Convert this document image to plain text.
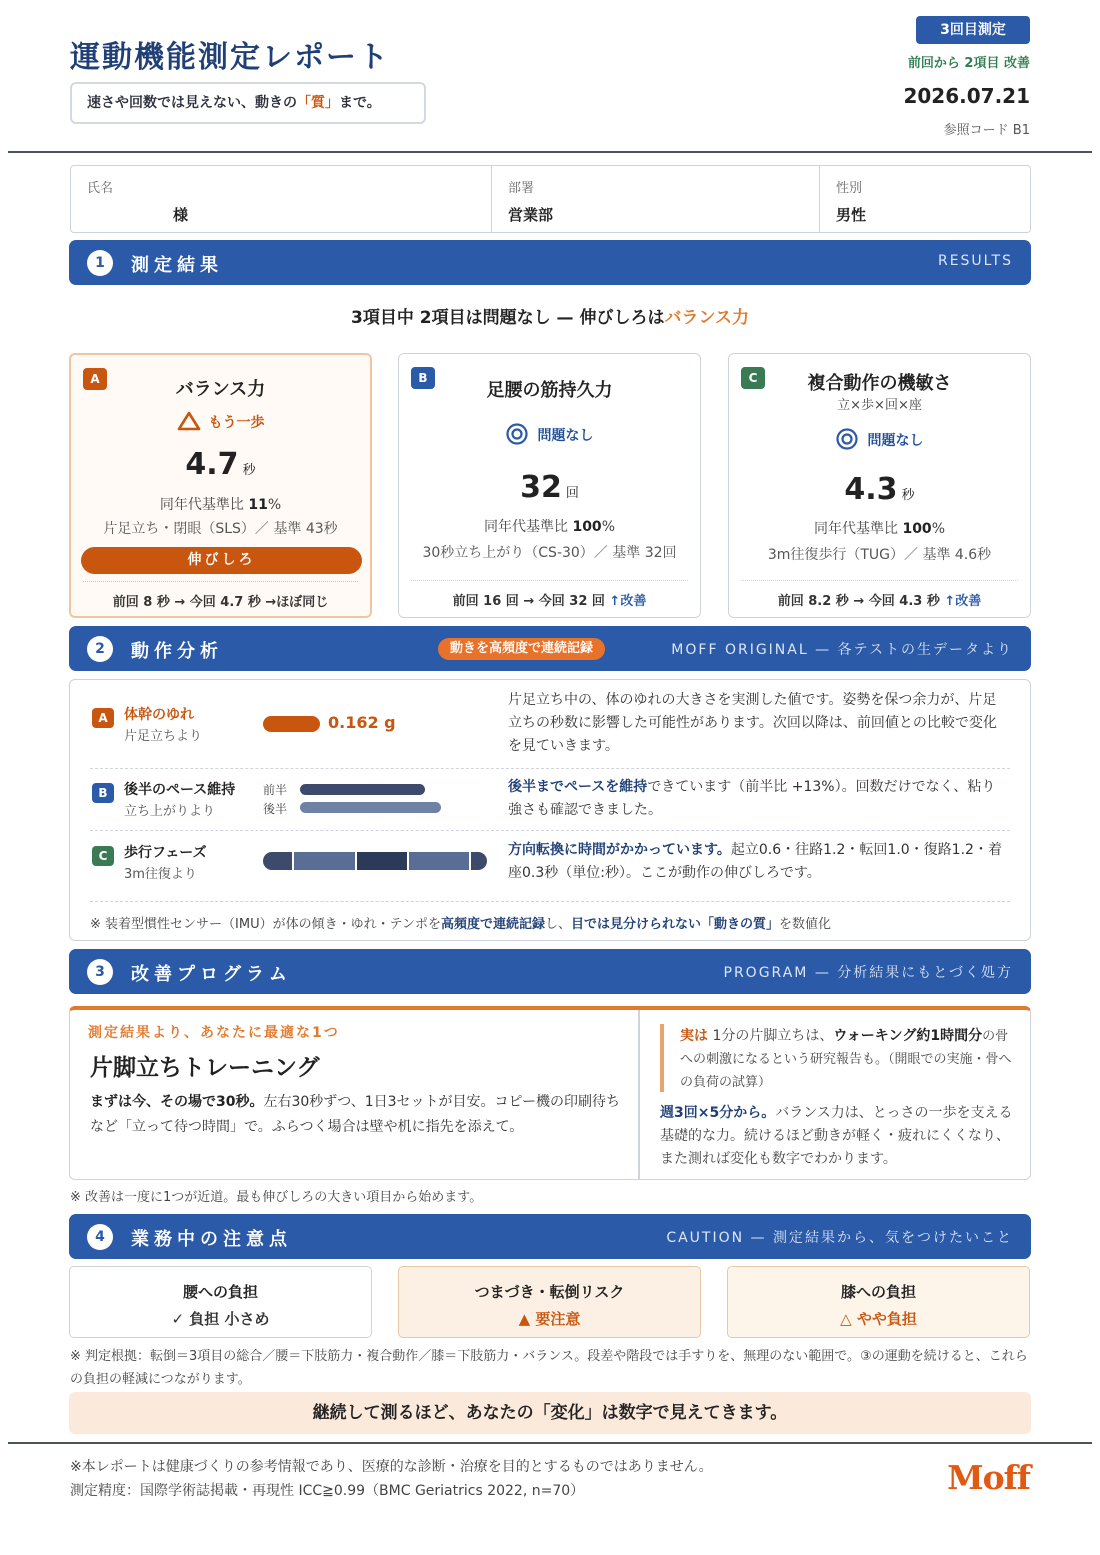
運動機能測定レポート
速さや回数では見えない、動きの「質」まで。
3回目測定
前回から 2項目 改善
2026.07.21
参照コード B1
氏名
様
部署
営業部
性別
男性
1	測定結果	RESULTS
3項目中 2項目は問題なし — 伸びしろはバランス力
A	バランス力
もう一歩
4.7 秒
同年代基準比 11%
片足立ち・閉眼（SLS）／ 基準 43秒
伸びしろ
前回 8 秒 → 今回 4.7 秒 →ほぼ同じ
B
足腰の筋持久力
問題なし
32 回
同年代基準比 100%
30秒立ち上がり（CS-30）／ 基準 32回
前回 16 回 → 今回 32 回 ↑改善
C	複合動作の機敏さ
立×歩×回×座
問題なし
4.3 秒
同年代基準比 100%
3m往復歩行（TUG）／ 基準 4.6秒
前回 8.2 秒 → 今回 4.3 秒 ↑改善
2	動作分析	動きを高頻度で連続記録	MOFF ORIGINAL — 各テストの生データより
A	体幹のゆれ
片足立ちより
0.162 g
片足立ち中の、体のゆれの大きさを実測した値です。姿勢を保つ余力が、片足立ちの秒数に影響した可能性があります。次回以降は、前回値との比較で変化を見ていきます。
B	後半のペース維持
立ち上がりより
前半
後半
後半までペースを維持できています（前半比 +13%）。回数だけでなく、粘り強さも確認できました。
C	歩行フェーズ
3m往復より
方向転換に時間がかかっています。起立0.6・往路1.2・転回1.0・復路1.2・着座0.3秒（単位:秒）。ここが動作の伸びしろです。
※ 装着型慣性センサー（IMU）が体の傾き・ゆれ・テンポを高頻度で連続記録し、目では見分けられない「動きの質」を数値化
3	改善プログラム	PROGRAM — 分析結果にもとづく処方
測定結果より、あなたに最適な1つ
片脚立ちトレーニング
まずは今、その場で30秒。左右30秒ずつ、1日3セットが目安。コピー機の印刷待ちなど「立って待つ時間」で。ふらつく場合は壁や机に指先を添えて。
実は 1分の片脚立ちは、ウォーキング約1時間分の骨への刺激になるという研究報告も。（開眼での実施・骨への負荷の試算）
週3回×5分から。バランス力は、とっさの一歩を支える基礎的な力。続けるほど動きが軽く・疲れにくくなり、また測れば変化も数字でわかります。
※ 改善は一度に1つが近道。最も伸びしろの大きい項目から始めます。
4	業務中の注意点	CAUTION — 測定結果から、気をつけたいこと
腰への負担
✓ 負担 小さめ
つまづき・転倒リスク
▲ 要注意
膝への負担
△ やや負担
※ 判定根拠：転倒＝3項目の総合／腰＝下肢筋力・複合動作／膝＝下肢筋力・バランス。段差や階段では手すりを、無理のない範囲で。③の運動を続けると、これらの負担の軽減につながります。
継続して測るほど、あなたの「変化」は数字で見えてきます。
※本レポートは健康づくりの参考情報であり、医療的な診断・治療を目的とするものではありません。
測定精度：国際学術誌掲載・再現性 ICC≧0.99（BMC Geriatrics 2022, n=70）	Moff
